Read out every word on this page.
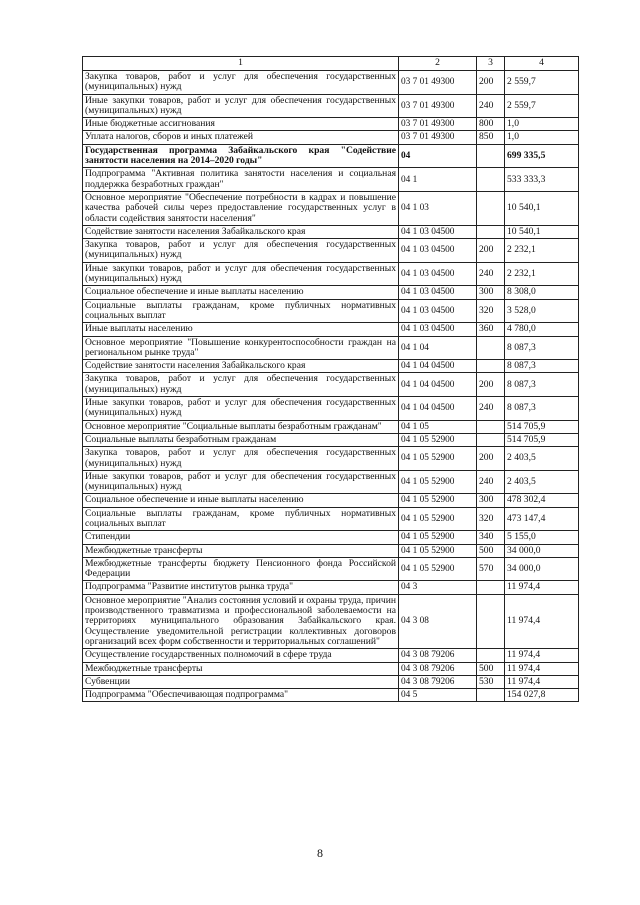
1	2	3	4
Закупка товаров, работ и услуг для обеспечения государственных (муниципальных) нужд	03 7 01 49300	200	2 559,7
Иные закупки товаров, работ и услуг для обеспечения государственных (муниципальных) нужд	03 7 01 49300	240	2 559,7
Иные бюджетные ассигнования	03 7 01 49300	800	1,0
Уплата налогов, сборов и иных платежей	03 7 01 49300	850	1,0
Государственная программа Забайкальского края "Содействие занятости населения на 2014–2020 годы"	04		699 335,5
Подпрограмма "Активная политика занятости населения и социальная поддержка безработных граждан"	04 1		533 333,3
Основное мероприятие "Обеспечение потребности в кадрах и повышение качества рабочей силы через предоставление государственных услуг в области содействия занятости населения"	04 1 03		10 540,1
Содействие занятости населения Забайкальского края	04 1 03 04500		10 540,1
Закупка товаров, работ и услуг для обеспечения государственных (муниципальных) нужд	04 1 03 04500	200	2 232,1
Иные закупки товаров, работ и услуг для обеспечения государственных (муниципальных) нужд	04 1 03 04500	240	2 232,1
Социальное обеспечение и иные выплаты населению	04 1 03 04500	300	8 308,0
Социальные выплаты гражданам, кроме публичных нормативных социальных выплат	04 1 03 04500	320	3 528,0
Иные выплаты населению	04 1 03 04500	360	4 780,0
Основное мероприятие "Повышение конкурентоспособности граждан на региональном рынке труда"	04 1 04		8 087,3
Содействие занятости населения Забайкальского края	04 1 04 04500		8 087,3
Закупка товаров, работ и услуг для обеспечения государственных (муниципальных) нужд	04 1 04 04500	200	8 087,3
Иные закупки товаров, работ и услуг для обеспечения государственных (муниципальных) нужд	04 1 04 04500	240	8 087,3
Основное мероприятие "Социальные выплаты безработным гражданам"	04 1 05		514 705,9
Социальные выплаты безработным гражданам	04 1 05 52900		514 705,9
Закупка товаров, работ и услуг для обеспечения государственных (муниципальных) нужд	04 1 05 52900	200	2 403,5
Иные закупки товаров, работ и услуг для обеспечения государственных (муниципальных) нужд	04 1 05 52900	240	2 403,5
Социальное обеспечение и иные выплаты населению	04 1 05 52900	300	478 302,4
Социальные выплаты гражданам, кроме публичных нормативных социальных выплат	04 1 05 52900	320	473 147,4
Стипендии	04 1 05 52900	340	5 155,0
Межбюджетные трансферты	04 1 05 52900	500	34 000,0
Межбюджетные трансферты бюджету Пенсионного фонда Российской Федерации	04 1 05 52900	570	34 000,0
Подпрограмма "Развитие институтов рынка труда"	04 3		11 974,4
Основное мероприятие "Анализ состояния условий и охраны труда, причин производственного травматизма и профессиональной заболеваемости на территориях муниципального образования Забайкальского края. Осуществление уведомительной регистрации коллективных договоров организаций всех форм собственности и территориальных соглашений"	04 3 08		11 974,4
Осуществление государственных полномочий в сфере труда	04 3 08 79206		11 974,4
Межбюджетные трансферты	04 3 08 79206	500	11 974,4
Субвенции	04 3 08 79206	530	11 974,4
Подпрограмма "Обеспечивающая подпрограмма"	04 5		154 027,8
8
